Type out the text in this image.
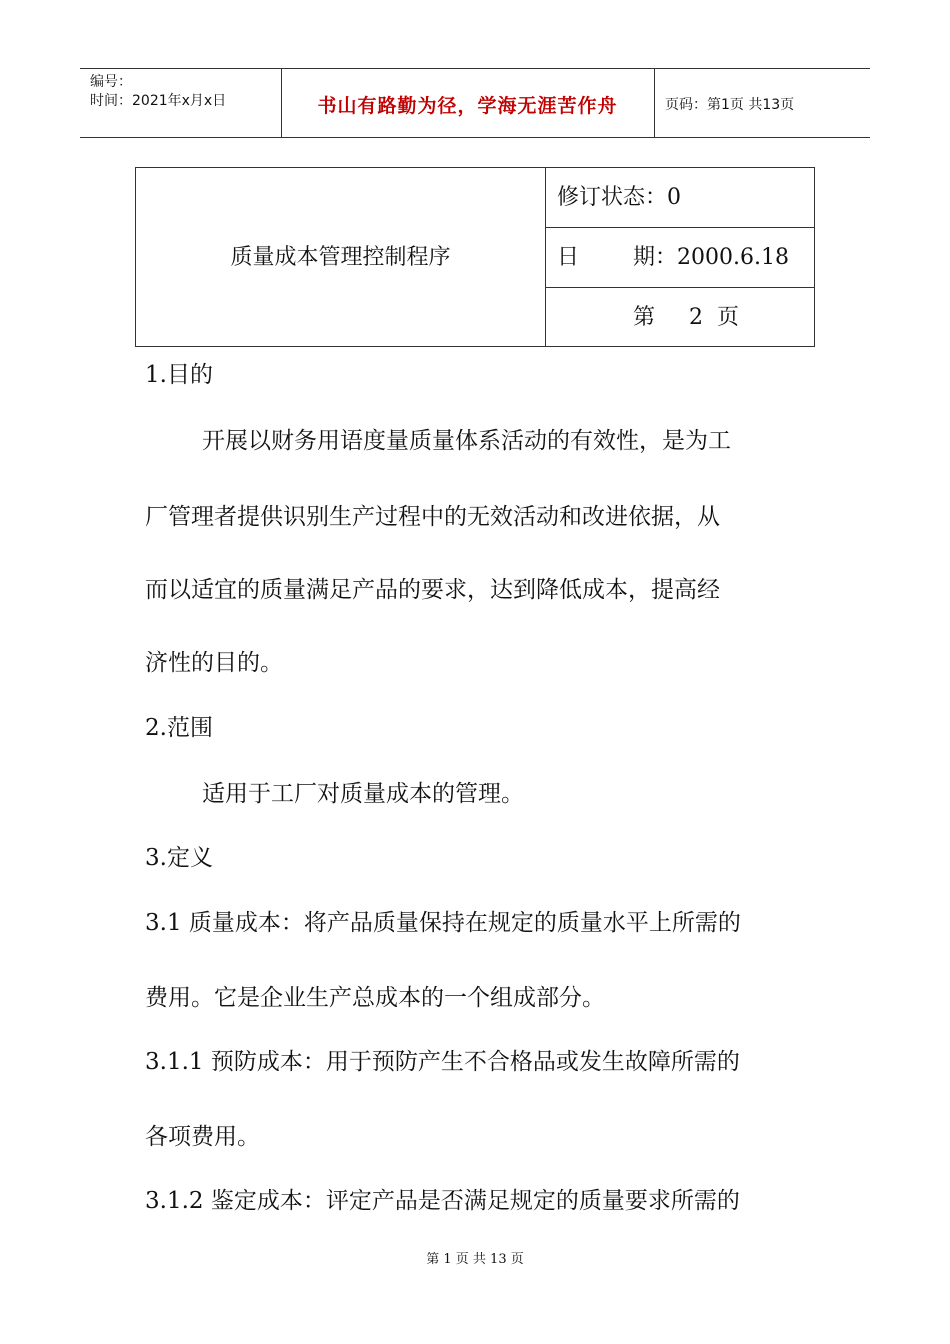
编号：
时间：2021年x月x日	书山有路勤为径，学海无涯苦作舟	页码：第1页 共13页
质量成本管理控制程序
修订状态：0
日 期：2000.6.18
第 2 页
1.目的
开展以财务用语度量质量体系活动的有效性，是为工
厂管理者提供识别生产过程中的无效活动和改进依据，从
而以适宜的质量满足产品的要求，达到降低成本，提高经
济性的目的。
2.范围
适用于工厂对质量成本的管理。
3.定义
3.1 质量成本：将产品质量保持在规定的质量水平上所需的
费用。它是企业生产总成本的一个组成部分。
3.1.1 预防成本：用于预防产生不合格品或发生故障所需的
各项费用。
3.1.2 鉴定成本：评定产品是否满足规定的质量要求所需的
第 1 页 共 13 页
